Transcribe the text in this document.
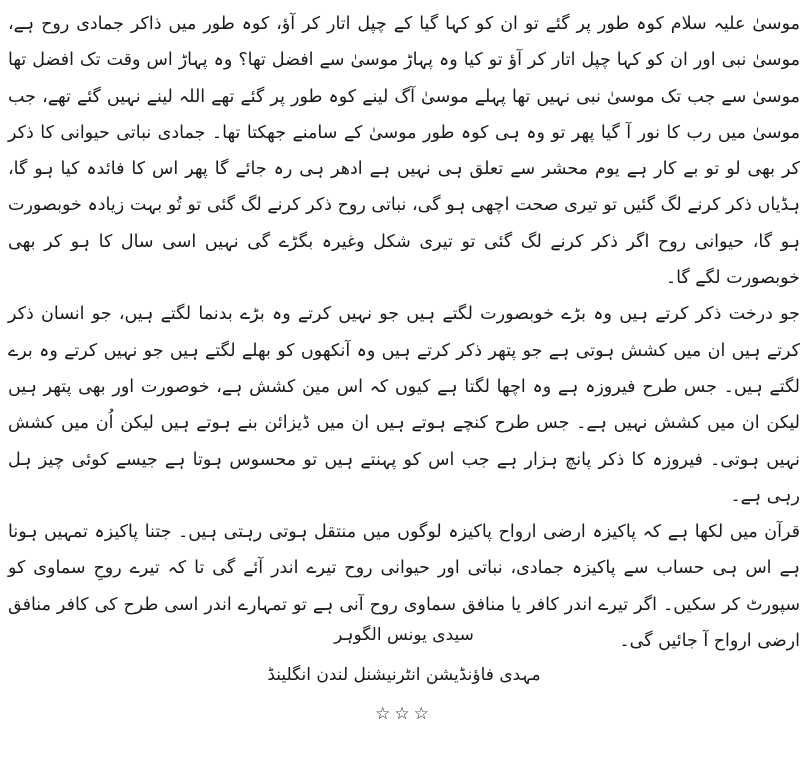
موسیٰ علیہ سلام کوہ طور پر گئے تو ان کو کہا گیا کے چپل اتار کر آؤ، کوہ طور میں ذاکر جمادی روح ہے، موسیٰ نبی اور ان کو کہا چپل اتار کر آؤ تو کیا وہ پہاڑ موسیٰ سے افضل تھا؟ وہ پہاڑ اس وقت تک افضل تھا موسیٰ سے جب تک موسیٰ نبی نہیں تھا پہلے موسیٰ آگ لینے کوہ طور پر گئے تھے اللہ لینے نہیں گئے تھے، جب موسیٰ میں رب کا نور آ گیا پھر تو وہ ہی کوہ طور موسیٰ کے سامنے جھکتا تھا۔ جمادی نباتی حیوانی کا ذکر کر بھی لو تو بے کار ہے یوم محشر سے تعلق ہی نہیں ہے ادھر ہی رہ جائے گا پھر اس کا فائدہ کیا ہو گا، ہڈیاں ذکر کرنے لگ گئیں تو تیری صحت اچھی ہو گی، نباتی روح ذکر کرنے لگ گئی تو تُو بہت زیادہ خوبصورت ہو گا، حیوانی روح اگر ذکر کرنے لگ گئی تو تیری شکل وغیرہ بگڑے گی نہیں اسی سال کا ہو کر بھی خوبصورت لگے گا۔

جو درخت ذکر کرتے ہیں وہ بڑے خوبصورت لگتے ہیں جو نہیں کرتے وہ بڑے بدنما لگتے ہیں، جو انسان ذکر کرتے ہیں ان میں کشش ہوتی ہے جو پتھر ذکر کرتے ہیں وہ آنکھوں کو بھلے لگتے ہیں جو نہیں کرتے وہ برے لگتے ہیں۔ جس طرح فیروزہ ہے وہ اچھا لگتا ہے کیوں کہ اس مین کشش ہے، خوصورت اور بھی پتھر ہیں لیکن ان میں کشش نہیں ہے۔ جس طرح کنچے ہوتے ہیں ان میں ڈیزائن بنے ہوتے ہیں لیکن اُن میں کشش نہیں ہوتی۔ فیروزہ کا ذکر پانچ ہزار ہے جب اس کو پہنتے ہیں تو محسوس ہوتا ہے جیسے کوئی چیز ہل رہی ہے۔

قرآن میں لکھا ہے کہ پاکیزہ ارضی ارواح پاکیزہ لوگوں میں منتقل ہوتی رہتی ہیں۔ جتنا پاکیزہ تمہیں ہونا ہے اس ہی حساب سے پاکیزہ جمادی، نباتی اور حیوانی روح تیرے اندر آئے گی تا کہ تیرے روحِ سماوی کو سپورٹ کر سکیں۔ اگر تیرے اندر کافر یا منافق سماوی روح آنی ہے تو تمہارے اندر اسی طرح کی کافر منافق ارضی ارواح آ جائیں گی۔

سیدی یونس الگوہر

مہدی فاؤنڈیشن انٹرنیشنل لندن انگلینڈ

☆☆☆
